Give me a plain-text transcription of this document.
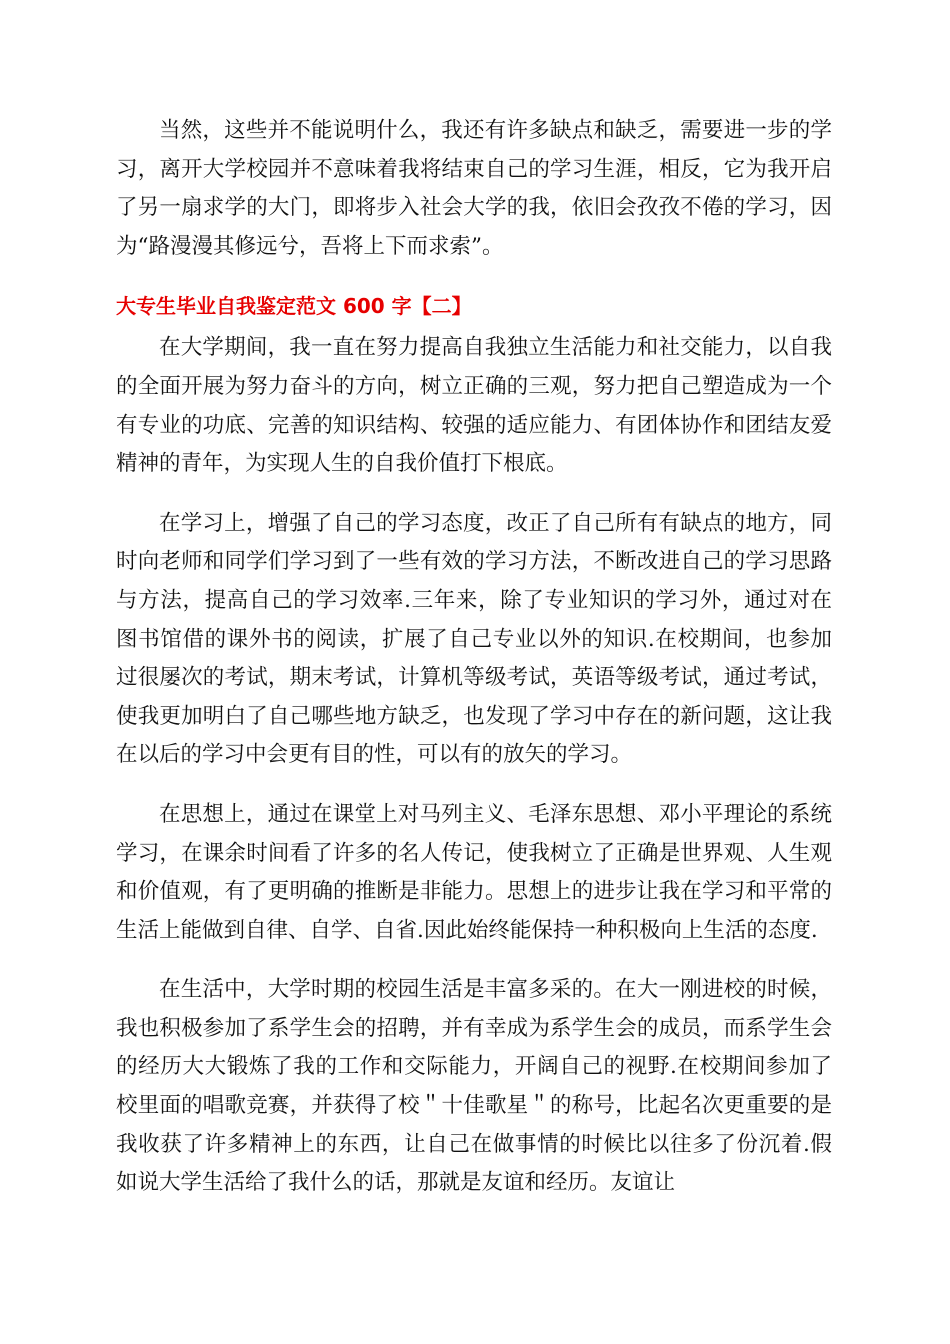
当然，这些并不能说明什么，我还有许多缺点和缺乏，需要进一步的学习，离开大学校园并不意味着我将结束自己的学习生涯，相反，它为我开启了另一扇求学的大门，即将步入社会大学的我，依旧会孜孜不倦的学习，因为“路漫漫其修远兮，吾将上下而求索”。

大专生毕业自我鉴定范文 600 字【二】

在大学期间，我一直在努力提高自我独立生活能力和社交能力，以自我的全面开展为努力奋斗的方向，树立正确的三观，努力把自己塑造成为一个有专业的功底、完善的知识结构、较强的适应能力、有团体协作和团结友爱精神的青年，为实现人生的自我价值打下根底。

在学习上，增强了自己的学习态度，改正了自己所有有缺点的地方，同时向老师和同学们学习到了一些有效的学习方法，不断改进自己的学习思路与方法，提高自己的学习效率.三年来，除了专业知识的学习外，通过对在图书馆借的课外书的阅读，扩展了自己专业以外的知识.在校期间，也参加过很屡次的考试，期末考试，计算机等级考试，英语等级考试，通过考试，使我更加明白了自己哪些地方缺乏，也发现了学习中存在的新问题，这让我在以后的学习中会更有目的性，可以有的放矢的学习。

在思想上，通过在课堂上对马列主义、毛泽东思想、邓小平理论的系统学习，在课余时间看了许多的名人传记，使我树立了正确是世界观、人生观和价值观，有了更明确的推断是非能力。思想上的进步让我在学习和平常的生活上能做到自律、自学、自省.因此始终能保持一种积极向上生活的态度.

在生活中，大学时期的校园生活是丰富多采的。在大一刚进校的时候，我也积极参加了系学生会的招聘，并有幸成为系学生会的成员，而系学生会的经历大大锻炼了我的工作和交际能力，开阔自己的视野.在校期间参加了校里面的唱歌竞赛，并获得了校＂十佳歌星＂的称号，比起名次更重要的是我收获了许多精神上的东西，让自己在做事情的时候比以往多了份沉着.假如说大学生活给了我什么的话，那就是友谊和经历。友谊让
